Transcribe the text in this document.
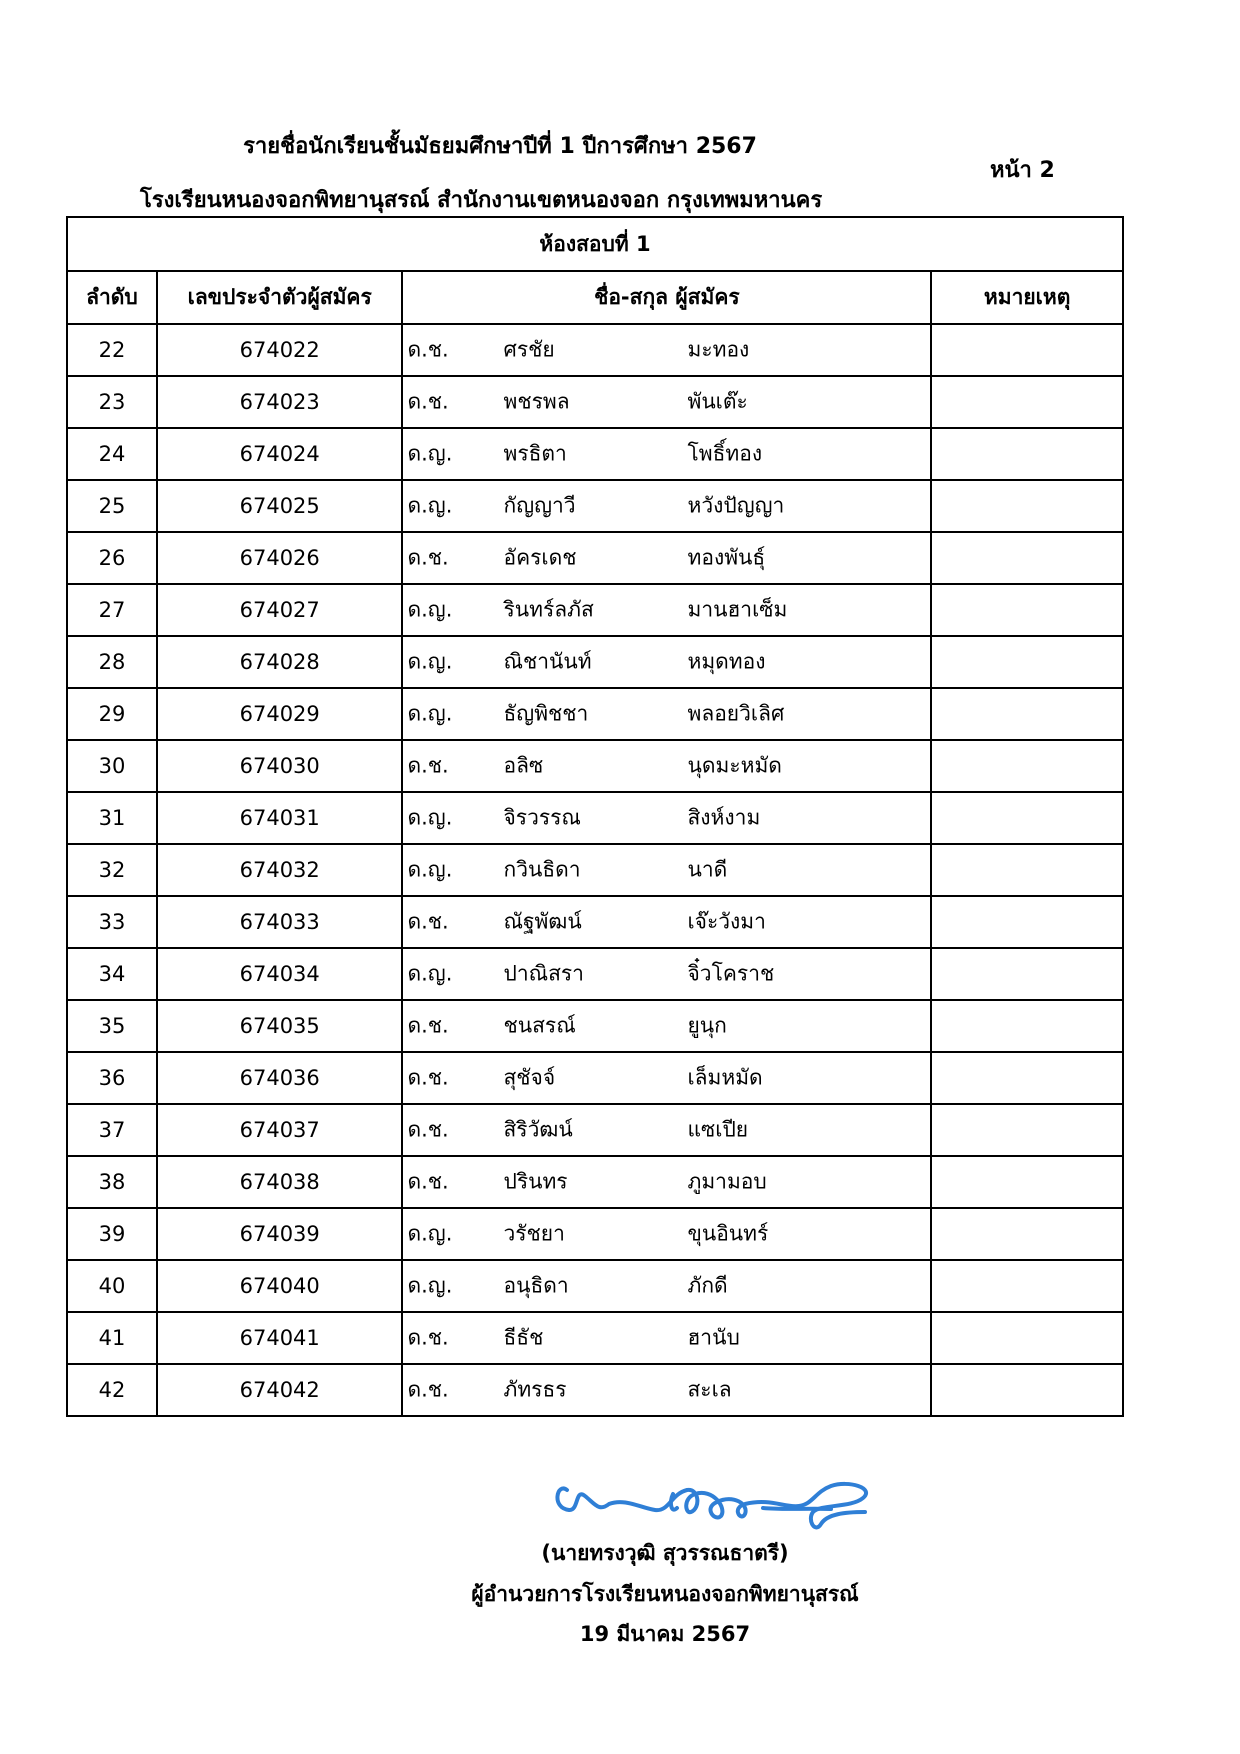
รายชื่อนักเรียนชั้นมัธยมศึกษาปีที่ 1 ปีการศึกษา 2567
โรงเรียนหนองจอกพิทยานุสรณ์ สำนักงานเขตหนองจอก กรุงเทพมหานคร
หน้า 2
ห้องสอบที่ 1			
ลำดับ	เลขประจำตัวผู้สมัคร	ชื่อ-สกุล ผู้สมัคร	หมายเหตุ
22	674022	ด.ช. ศรชัย มะทอง	

23	674023	ด.ช. พชรพล พันเต๊ะ	

24	674024	ด.ญ. พรธิตา โพธิ์ทอง	

25	674025	ด.ญ. กัญญาวี หวังปัญญา	

26	674026	ด.ช. อัครเดช ทองพันธุ์	

27	674027	ด.ญ. รินทร์ลภัส มานฮาเซ็ม	

28	674028	ด.ญ. ณิชานันท์ หมุดทอง	

29	674029	ด.ญ. ธัญพิชชา พลอยวิเลิศ	

30	674030	ด.ช. อลิซ นุดมะหมัด	

31	674031	ด.ญ. จิรวรรณ สิงห์งาม	

32	674032	ด.ญ. กวินธิดา นาดี	

33	674033	ด.ช. ณัฐพัฒน์ เจ๊ะวังมา	

34	674034	ด.ญ. ปาณิสรา จิ๋วโคราช	

35	674035	ด.ช. ชนสรณ์ ยูนุก	

36	674036	ด.ช. สุชัจจ์ เล็มหมัด	

37	674037	ด.ช. สิริวัฒน์ แซเปีย	

38	674038	ด.ช. ปรินทร ภูมามอบ	

39	674039	ด.ญ. วรัชยา ขุนอินทร์	

40	674040	ด.ญ. อนุธิดา ภักดี	

41	674041	ด.ช. ธีธัช ฮานับ	

42	674042	ด.ช. ภัทรธร สะเล	

(นายทรงวุฒิ สุวรรณธาตรี)
ผู้อำนวยการโรงเรียนหนองจอกพิทยานุสรณ์
19 มีนาคม 2567
